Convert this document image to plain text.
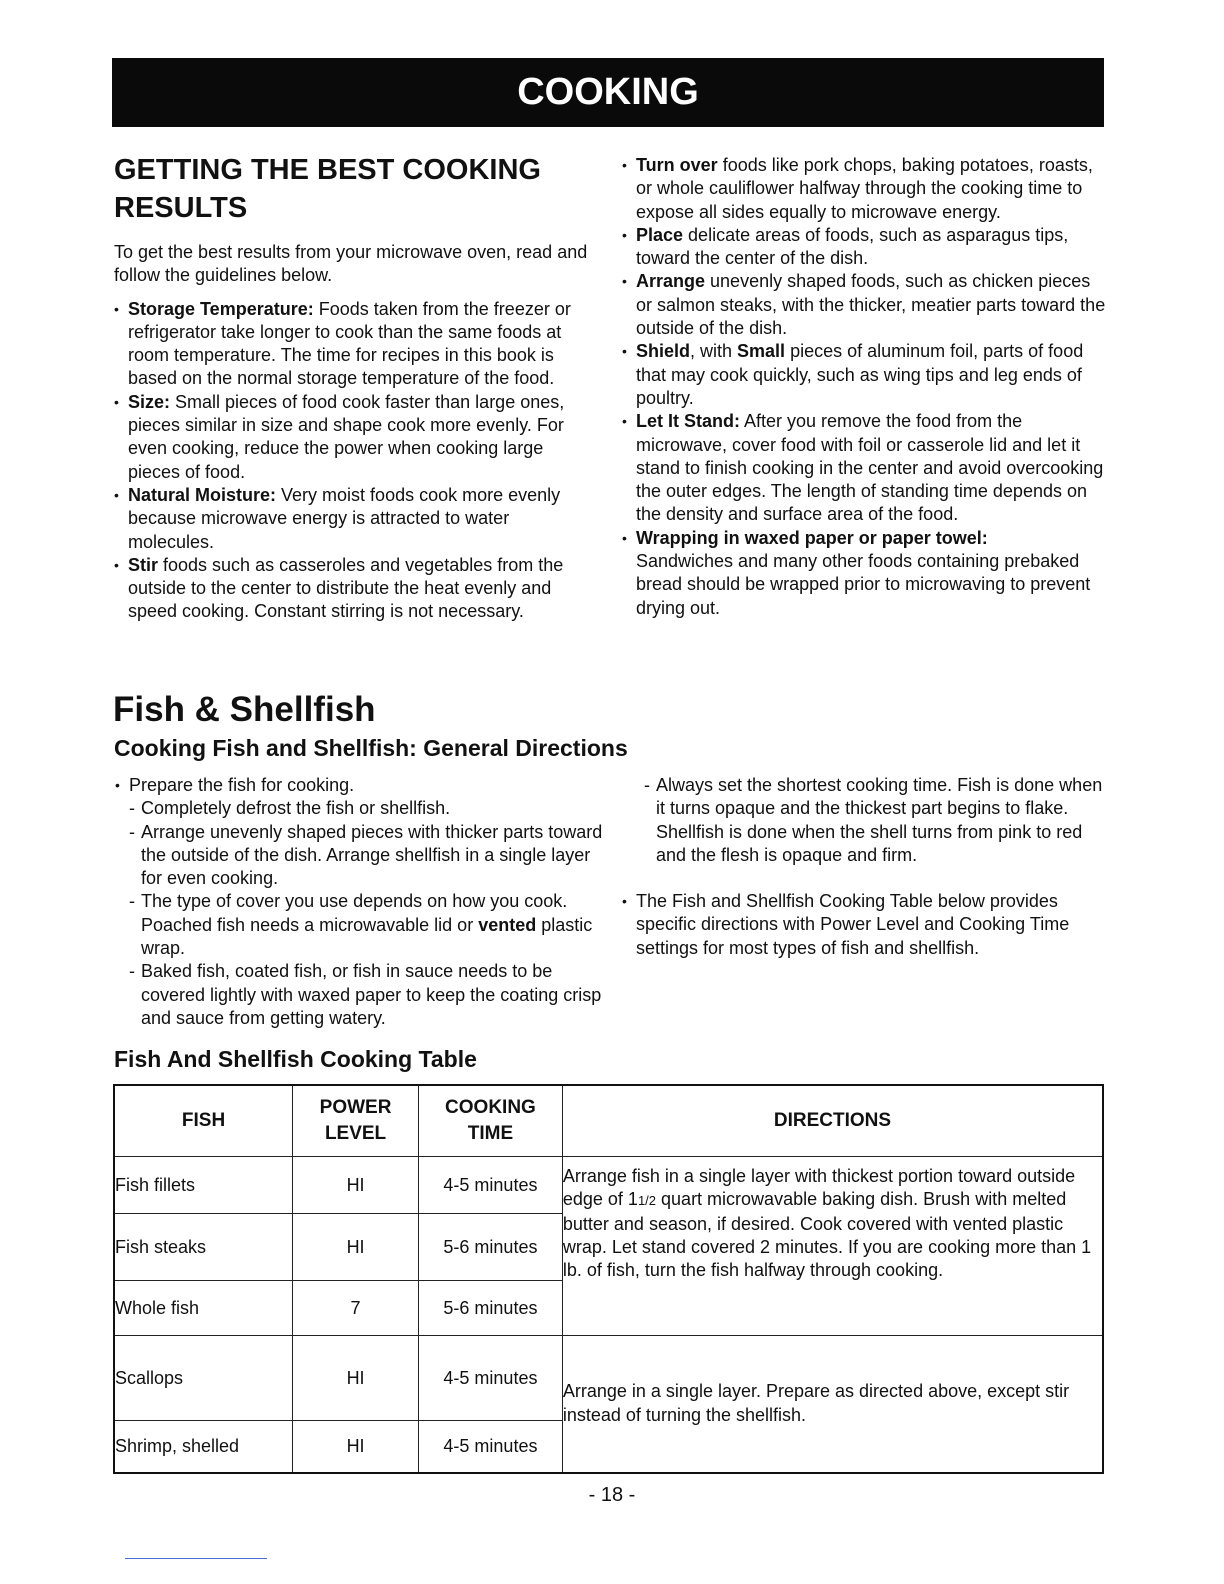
COOKING
GETTING THE BEST COOKING RESULTS
To get the best results from your microwave oven, read and follow the guidelines below.
• Storage Temperature: Foods taken from the freezer or refrigerator take longer to cook than the same foods at room temperature. The time for recipes in this book is based on the normal storage temperature of the food.
• Size: Small pieces of food cook faster than large ones, pieces similar in size and shape cook more evenly. For even cooking, reduce the power when cooking large pieces of food.
• Natural Moisture: Very moist foods cook more evenly because microwave energy is attracted to water molecules.
• Stir foods such as casseroles and vegetables from the outside to the center to distribute the heat evenly and speed cooking. Constant stirring is not necessary.
• Turn over foods like pork chops, baking potatoes, roasts, or whole cauliflower halfway through the cooking time to expose all sides equally to microwave energy.
• Place delicate areas of foods, such as asparagus tips, toward the center of the dish.
• Arrange unevenly shaped foods, such as chicken pieces or salmon steaks, with the thicker, meatier parts toward the outside of the dish.
• Shield, with Small pieces of aluminum foil, parts of food that may cook quickly, such as wing tips and leg ends of poultry.
• Let It Stand: After you remove the food from the microwave, cover food with foil or casserole lid and let it stand to finish cooking in the center and avoid overcooking the outer edges. The length of standing time depends on the density and surface area of the food.
• Wrapping in waxed paper or paper towel:
Sandwiches and many other foods containing prebaked bread should be wrapped prior to microwaving to prevent drying out.
Fish & Shellfish
Cooking Fish and Shellfish: General Directions
• Prepare the fish for cooking.
- Completely defrost the fish or shellfish.
- Arrange unevenly shaped pieces with thicker parts toward the outside of the dish. Arrange shellfish in a single layer for even cooking.
- The type of cover you use depends on how you cook. Poached fish needs a microwavable lid or vented plastic wrap.
- Baked fish, coated fish, or fish in sauce needs to be covered lightly with waxed paper to keep the coating crisp and sauce from getting watery.
- Always set the shortest cooking time. Fish is done when it turns opaque and the thickest part begins to flake. Shellfish is done when the shell turns from pink to red and the flesh is opaque and firm.
• The Fish and Shellfish Cooking Table below provides specific directions with Power Level and Cooking Time settings for most types of fish and shellfish.
Fish And Shellfish Cooking Table
FISH	POWER LEVEL	COOKING TIME	DIRECTIONS
Fish fillets	HI	4-5 minutes	Arrange fish in a single layer with thickest portion toward outside edge of 11/2 quart microwavable baking dish. Brush with melted butter and season, if desired. Cook covered with vented plastic wrap. Let stand covered 2 minutes. If you are cooking more than 1 lb. of fish, turn the fish halfway through cooking.
Fish steaks	HI	5-6 minutes	
Whole fish	7	5-6 minutes	
Scallops	HI	4-5 minutes	Arrange in a single layer. Prepare as directed above, except stir instead of turning the shellfish.
Shrimp, shelled	HI	4-5 minutes	
- 18 -
